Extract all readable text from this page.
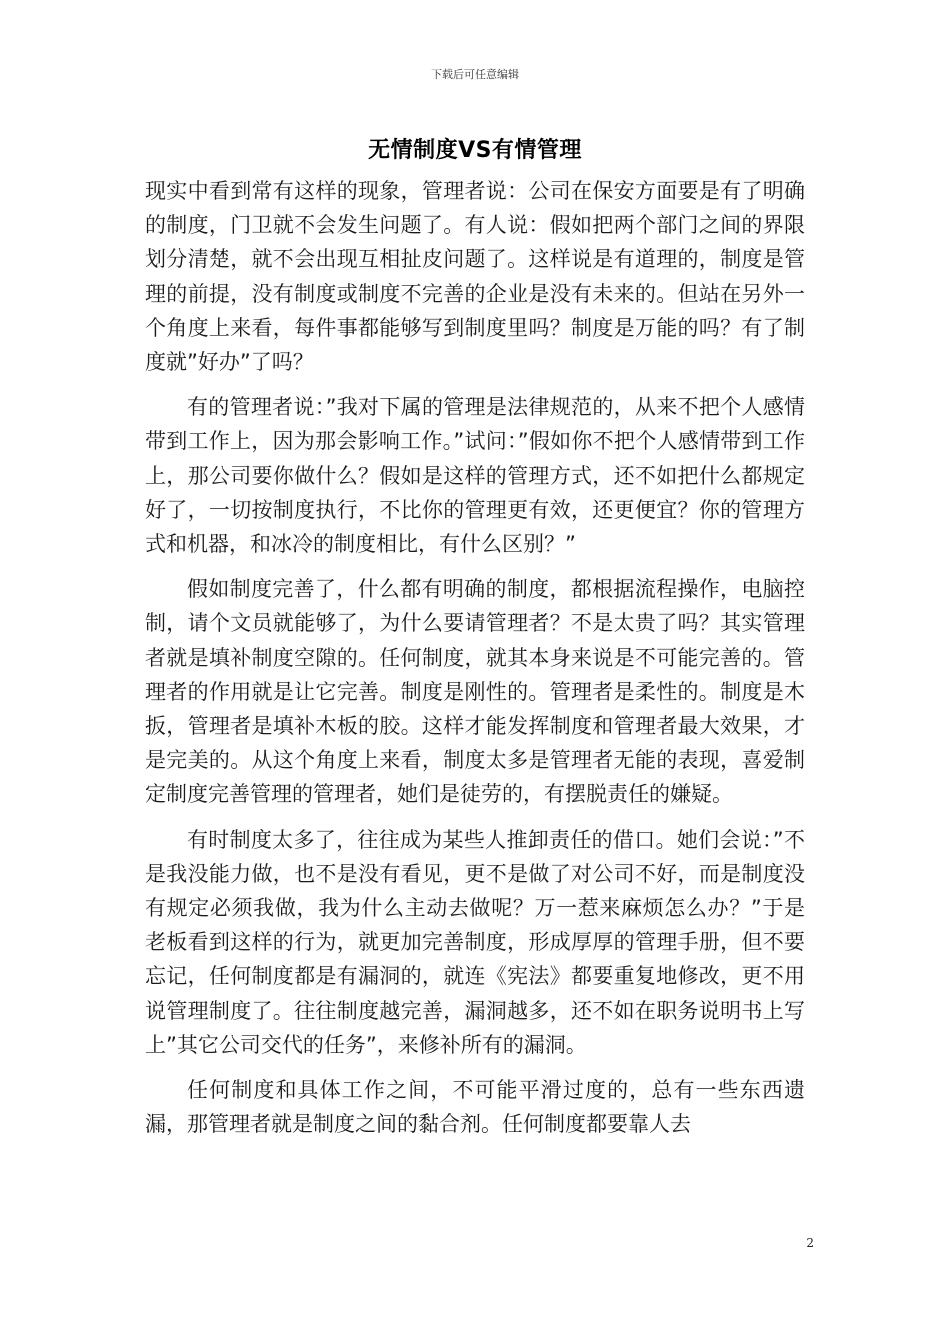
下载后可任意编辑
无情制度VS有情管理

现实中看到常有这样的现象，管理者说：公司在保安方面要是有了明确的制度，门卫就不会发生问题了。有人说：假如把两个部门之间的界限划分清楚，就不会出现互相扯皮问题了。这样说是有道理的，制度是管理的前提，没有制度或制度不完善的企业是没有未来的。但站在另外一个角度上来看，每件事都能够写到制度里吗？制度是万能的吗？有了制度就”好办”了吗？

有的管理者说：”我对下属的管理是法律规范的，从来不把个人感情带到工作上，因为那会影响工作。”试问：”假如你不把个人感情带到工作上，那公司要你做什么？假如是这样的管理方式，还不如把什么都规定好了，一切按制度执行，不比你的管理更有效，还更便宜？你的管理方式和机器，和冰冷的制度相比，有什么区别？”

假如制度完善了，什么都有明确的制度，都根据流程操作，电脑控制，请个文员就能够了，为什么要请管理者？不是太贵了吗？其实管理者就是填补制度空隙的。任何制度，就其本身来说是不可能完善的。管理者的作用就是让它完善。制度是刚性的。管理者是柔性的。制度是木扳，管理者是填补木板的胶。这样才能发挥制度和管理者最大效果，才是完美的。从这个角度上来看，制度太多是管理者无能的表现，喜爱制定制度完善管理的管理者，她们是徒劳的，有摆脱责任的嫌疑。

有时制度太多了，往往成为某些人推卸责任的借口。她们会说：”不是我没能力做，也不是没有看见，更不是做了对公司不好，而是制度没有规定必须我做，我为什么主动去做呢？万一惹来麻烦怎么办？”于是老板看到这样的行为，就更加完善制度，形成厚厚的管理手册，但不要忘记，任何制度都是有漏洞的，就连《宪法》都要重复地修改，更不用说管理制度了。往往制度越完善，漏洞越多，还不如在职务说明书上写上”其它公司交代的任务”，来修补所有的漏洞。

任何制度和具体工作之间，不可能平滑过度的，总有一些东西遗漏，那管理者就是制度之间的黏合剂。任何制度都要靠人去

2
